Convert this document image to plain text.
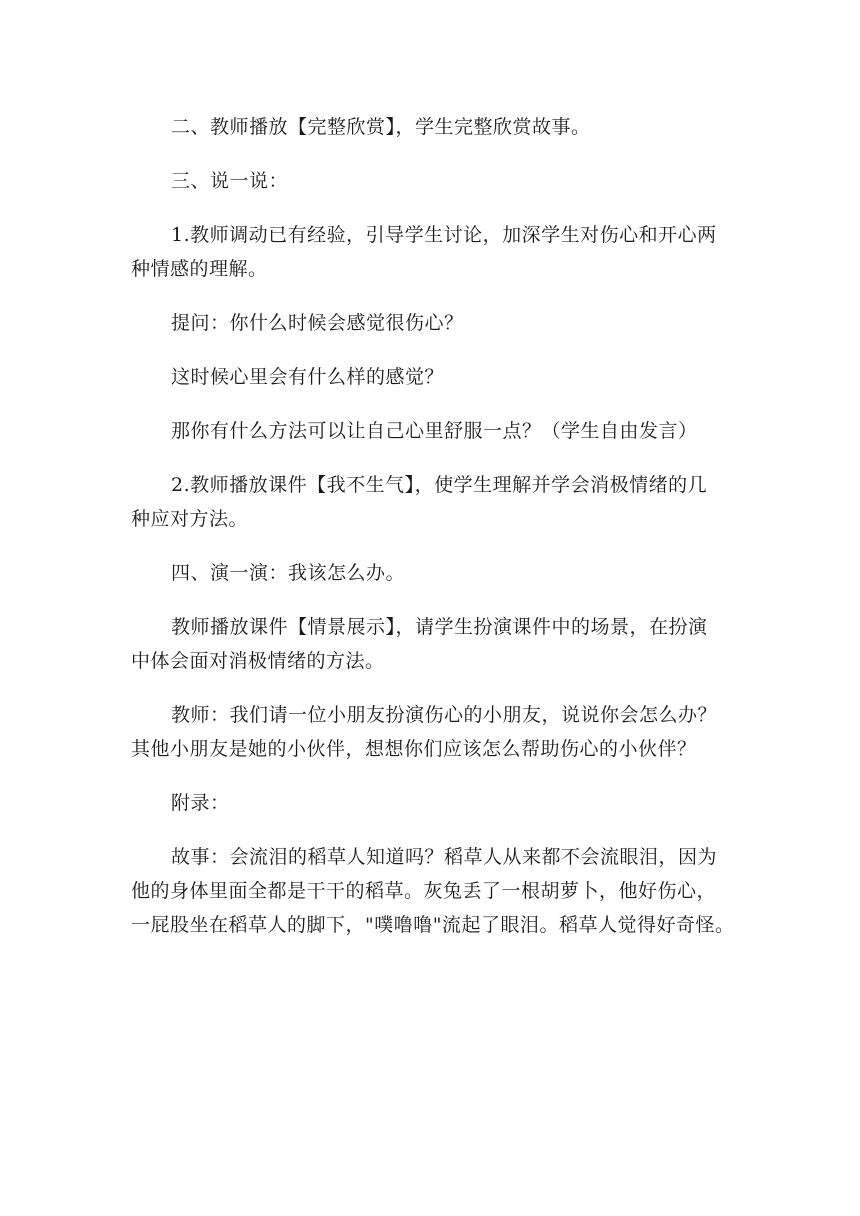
二、教师播放【完整欣赏】，学生完整欣赏故事。

三、说一说：

1.教师调动已有经验，引导学生讨论，加深学生对伤心和开心两
种情感的理解。

提问：你什么时候会感觉很伤心？

这时候心里会有什么样的感觉？

那你有什么方法可以让自己心里舒服一点？（学生自由发言）

2.教师播放课件【我不生气】，使学生理解并学会消极情绪的几
种应对方法。

四、演一演：我该怎么办。

教师播放课件【情景展示】，请学生扮演课件中的场景，在扮演
中体会面对消极情绪的方法。

教师：我们请一位小朋友扮演伤心的小朋友，说说你会怎么办？
其他小朋友是她的小伙伴，想想你们应该怎么帮助伤心的小伙伴？

附录：

故事：会流泪的稻草人知道吗？稻草人从来都不会流眼泪，因为
他的身体里面全都是干干的稻草。灰兔丢了一根胡萝卜，他好伤心，
一屁股坐在稻草人的脚下，"噗噜噜"流起了眼泪。稻草人觉得好奇怪。
